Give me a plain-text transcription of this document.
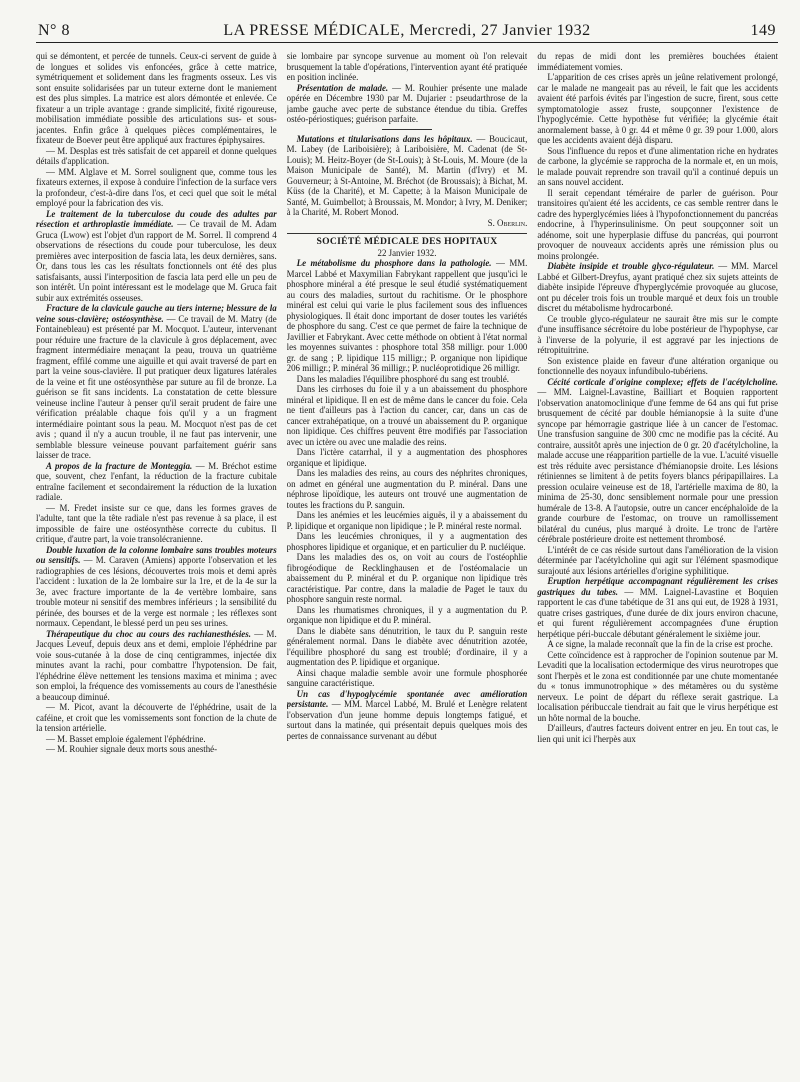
N° 8	LA PRESSE MÉDICALE, Mercredi, 27 Janvier 1932	149

qui se démontent, et percée de tunnels. Ceux-ci servent de guide à de longues et solides vis enfoncées, grâce à cette matrice, symétriquement et solidement dans les fragments osseux. Les vis sont ensuite solidarisées par un tuteur externe dont le maniement est des plus simples. La matrice est alors démontée et enlevée. Ce fixateur a un triple avantage : grande simplicité, fixité rigoureuse, mobilisation immédiate possible des articulations sus- et sous-jacentes. Enfin grâce à quelques pièces complémentaires, le fixateur de Boever peut être appliqué aux fractures épiphysaires.

— M. Desplas est très satisfait de cet appareil et donne quelques détails d'application.

— MM. Alglave et M. Sorrel soulignent que, comme tous les fixateurs externes, il expose à conduire l'infection de la surface vers la profondeur, c'est-à-dire dans l'os, et ceci quel que soit le métal employé pour la fabrication des vis.

Le traitement de la tuberculose du coude des adultes par résection et arthroplastie immédiate. — Ce travail de M. Adam Gruca (Lwow) est l'objet d'un rapport de M. Sorrel. Il comprend 4 observations de résections du coude pour tuberculose, les deux premières avec interposition de fascia lata, les deux dernières, sans. Or, dans tous les cas les résultats fonctionnels ont été des plus satisfaisants, aussi l'interposition de fascia lata perd elle un peu de son intérêt. Un point intéressant est le modelage que M. Gruca fait subir aux extrémités osseuses.

Fracture de la clavicule gauche au tiers interne; blessure de la veine sous-clavière; ostéosynthèse. — Ce travail de M. Matry (de Fontainebleau) est présenté par M. Mocquot. L'auteur, intervenant pour réduire une fracture de la clavicule à gros déplacement, avec fragment intermédiaire menaçant la peau, trouva un quatrième fragment, effilé comme une aiguille et qui avait traversé de part en part la veine sous-clavière. Il put pratiquer deux ligatures latérales de la veine et fit une ostéosynthèse par suture au fil de bronze. La guérison se fit sans incidents. La constatation de cette blessure veineuse incline l'auteur à penser qu'il serait prudent de faire une vérification préalable chaque fois qu'il y a un fragment intermédiaire pointant sous la peau. M. Mocquot n'est pas de cet avis ; quand il n'y a aucun trouble, il ne faut pas intervenir, une semblable blessure veineuse pouvant parfaitement guérir sans laisser de trace.

A propos de la fracture de Monteggia. — M. Bréchot estime que, souvent, chez l'enfant, la réduction de la fracture cubitale entraîne facilement et secondairement la réduction de la luxation radiale.

— M. Fredet insiste sur ce que, dans les formes graves de l'adulte, tant que la tête radiale n'est pas revenue à sa place, il est impossible de faire une ostéosynthèse correcte du cubitus. Il critique, d'autre part, la voie transolécranienne.

Double luxation de la colonne lombaire sans troubles moteurs ou sensitifs. — M. Caraven (Amiens) apporte l'observation et les radiographies de ces lésions, découvertes trois mois et demi après l'accident : luxation de la 2e lombaire sur la 1re, et de la 4e sur la 3e, avec fracture importante de la 4e vertèbre lombaire, sans trouble moteur ni sensitif des membres inférieurs ; la sensibilité du périnée, des bourses et de la verge est normale ; les réflexes sont normaux. Cependant, le blessé perd un peu ses urines.

Thérapeutique du choc au cours des rachianesthésies. — M. Jacques Leveuf, depuis deux ans et demi, emploie l'éphédrine par voie sous-cutanée à la dose de cinq centigrammes, injectée dix minutes avant la rachi, pour combattre l'hypotension. De fait, l'éphédrine élève nettement les tensions maxima et minima ; avec son emploi, la fréquence des vomissements au cours de l'anesthésie a beaucoup diminué.

— M. Picot, avant la découverte de l'éphédrine, usait de la caféine, et croit que les vomissements sont fonction de la chute de la tension artérielle.

— M. Basset emploie également l'éphédrine.

— M. Rouhier signale deux morts sous anesthé-

sie lombaire par syncope survenue au moment où l'on relevait brusquement la table d'opérations, l'intervention ayant été pratiquée en position inclinée.

Présentation de malade. — M. Rouhier présente une malade opérée en Décembre 1930 par M. Dujarier : pseudarthrose de la jambe gauche avec perte de substance étendue du tibia. Greffes ostéo-périostiques; guérison parfaite.

Mutations et titularisations dans les hôpitaux. — Boucicaut, M. Labey (de Lariboisière); à Lariboisière, M. Cadenat (de St-Louis); M. Heitz-Boyer (de St-Louis); à St-Louis, M. Moure (de la Maison Municipale de Santé), M. Martin (d'Ivry) et M. Gouverneur; à St-Antoine, M. Bréchot (de Broussais); à Bichat, M. Küss (de la Charité), et M. Capette; à la Maison Municipale de Santé, M. Guimbellot; à Broussais, M. Mondor; à Ivry, M. Deniker; à la Charité, M. Robert Monod.

S. Oberlin.

SOCIÉTÉ MÉDICALE DES HOPITAUX

22 Janvier 1932.

Le métabolisme du phosphore dans la pathologie. — MM. Marcel Labbé et Maxymilian Fabrykant rappellent que jusqu'ici le phosphore minéral a été presque le seul étudié systématiquement au cours des maladies, surtout du rachitisme. Or le phosphore minéral est celui qui varie le plus facilement sous des influences physiologiques. Il était donc important de doser toutes les variétés de phosphore du sang. C'est ce que permet de faire la technique de Javillier et Fabrykant. Avec cette méthode on obtient à l'état normal les moyennes suivantes : phosphore total 358 milligr. pour 1.000 gr. de sang ; P. lipidique 115 milligr.; P. organique non lipidique 206 milligr.; P. minéral 36 milligr.; P. nucléoprotidique 26 milligr.

Dans les maladies l'équilibre phosphoré du sang est troublé.

Dans les cirrhoses du foie il y a un abaissement du phosphore minéral et lipidique. Il en est de même dans le cancer du foie. Cela ne tient d'ailleurs pas à l'action du cancer, car, dans un cas de cancer extrahépatique, on a trouvé un abaissement du P. organique non lipidique. Ces chiffres peuvent être modifiés par l'association avec un ictère ou avec une maladie des reins.

Dans l'ictère catarrhal, il y a augmentation des phosphores organique et lipidique.

Dans les maladies des reins, au cours des néphrites chroniques, on admet en général une augmentation du P. minéral. Dans une néphrose lipoïdique, les auteurs ont trouvé une augmentation de toutes les fractions du P. sanguin.

Dans les anémies et les leucémies aiguës, il y a abaissement du P. lipidique et organique non lipidique ; le P. minéral reste normal.

Dans les leucémies chroniques, il y a augmentation des phosphores lipidique et organique, et en particulier du P. nucléique.

Dans les maladies des os, on voit au cours de l'ostéophlie fibrogéodique de Recklinghausen et de l'ostéomalacie un abaissement du P. minéral et du P. organique non lipidique très caractéristique. Par contre, dans la maladie de Paget le taux du phosphore sanguin reste normal.

Dans les rhumatismes chroniques, il y a augmentation du P. organique non lipidique et du P. minéral.

Dans le diabète sans dénutrition, le taux du P. sanguin reste généralement normal. Dans le diabète avec dénutrition azotée, l'équilibre phosphoré du sang est troublé; d'ordinaire, il y a augmentation des P. lipidique et organique.

Ainsi chaque maladie semble avoir une formule phosphorée sanguine caractéristique.

Un cas d'hypoglycémie spontanée avec amélioration persistante. — MM. Marcel Labbé, M. Brulé et Lenègre relatent l'observation d'un jeune homme depuis longtemps fatigué, et surtout dans la matinée, qui présentait depuis quelques mois des pertes de connaissance survenant au début

du repas de midi dont les premières bouchées étaient immédiatement vomies.

L'apparition de ces crises après un jeûne relativement prolongé, car le malade ne mangeait pas au réveil, le fait que les accidents avaient été parfois évités par l'ingestion de sucre, firent, sous cette symptomatologie assez fruste, soupçonner l'existence de l'hypoglycémie. Cette hypothèse fut vérifiée; la glycémie était anormalement basse, à 0 gr. 44 et même 0 gr. 39 pour 1.000, alors que les accidents avaient déjà disparu.

Sous l'influence du repos et d'une alimentation riche en hydrates de carbone, la glycémie se rapprocha de la normale et, en un mois, le malade pouvait reprendre son travail qu'il a continué depuis un an sans nouvel accident.

Il serait cependant téméraire de parler de guérison. Pour transitoires qu'aient été les accidents, ce cas semble rentrer dans le cadre des hyperglycémies liées à l'hypofonctionnement du pancréas endocrine, à l'hyperinsulinisme. On peut soupçonner soit un adénome, soit une hyperplasie diffuse du pancréas, qui pourront provoquer de nouveaux accidents après une rémission plus ou moins prolongée.

Diabète insipide et trouble glyco-régulateur. — MM. Marcel Labbé et Gilbert-Dreyfus, ayant pratiqué chez six sujets atteints de diabète insipide l'épreuve d'hyperglycémie provoquée au glucose, ont pu déceler trois fois un trouble marqué et deux fois un trouble discret du métabolisme hydrocarboné.

Ce trouble glyco-régulateur ne saurait être mis sur le compte d'une insuffisance sécrétoire du lobe postérieur de l'hypophyse, car à l'inverse de la polyurie, il est aggravé par les injections de rétropituitrine.

Son existence plaide en faveur d'une altération organique ou fonctionnelle des noyaux infundibulo-tubériens.

Cécité corticale d'origine complexe; effets de l'acétylcholine. — MM. Laignel-Lavastine, Bailliart et Boquien rapportent l'observation anatomoclinique d'une femme de 64 ans qui fut prise brusquement de cécité par double hémianopsie à la suite d'une syncope par hémorragie gastrique liée à un cancer de l'estomac. Une transfusion sanguine de 300 cmc ne modifie pas la cécité. Au contraire, aussitôt après une injection de 0 gr. 20 d'acétylcholine, la malade accuse une réapparition partielle de la vue. L'acuité visuelle est très réduite avec persistance d'hémianopsie droite. Les lésions rétiniennes se limitent à de petits foyers blancs péripapillaires. La pression oculaire veineuse est de 18, l'artérielle maxima de 80, la minima de 25-30, donc sensiblement normale pour une pression humérale de 13-8. A l'autopsie, outre un cancer encéphaloïde de la grande courbure de l'estomac, on trouve un ramollissement bilatéral du cunéus, plus marqué à droite. Le tronc de l'artère cérébrale postérieure droite est nettement thrombosé.

L'intérêt de ce cas réside surtout dans l'amélioration de la vision déterminée par l'acétylcholine qui agit sur l'élément spasmodique surajouté aux lésions artérielles d'origine syphilitique.

Eruption herpétique accompagnant régulièrement les crises gastriques du tabes. — MM. Laignel-Lavastine et Boquien rapportent le cas d'une tabétique de 31 ans qui eut, de 1928 à 1931, quatre crises gastriques, d'une durée de dix jours environ chacune, et qui furent régulièrement accompagnées d'une éruption herpétique péri-buccale débutant généralement le sixième jour.

A ce signe, la malade reconnaît que la fin de la crise est proche.

Cette coïncidence est à rapprocher de l'opinion soutenue par M. Levaditi que la localisation ectodermique des virus neurotropes que sont l'herpès et le zona est conditionnée par une chute momentanée du « tonus immunotrophique » des métamères ou du système nerveux. Le point de départ du réflexe serait gastrique. La localisation péribuccale tiendrait au fait que le virus herpétique est un hôte normal de la bouche.

D'ailleurs, d'autres facteurs doivent entrer en jeu. En tout cas, le lien qui unit ici l'herpès aux
